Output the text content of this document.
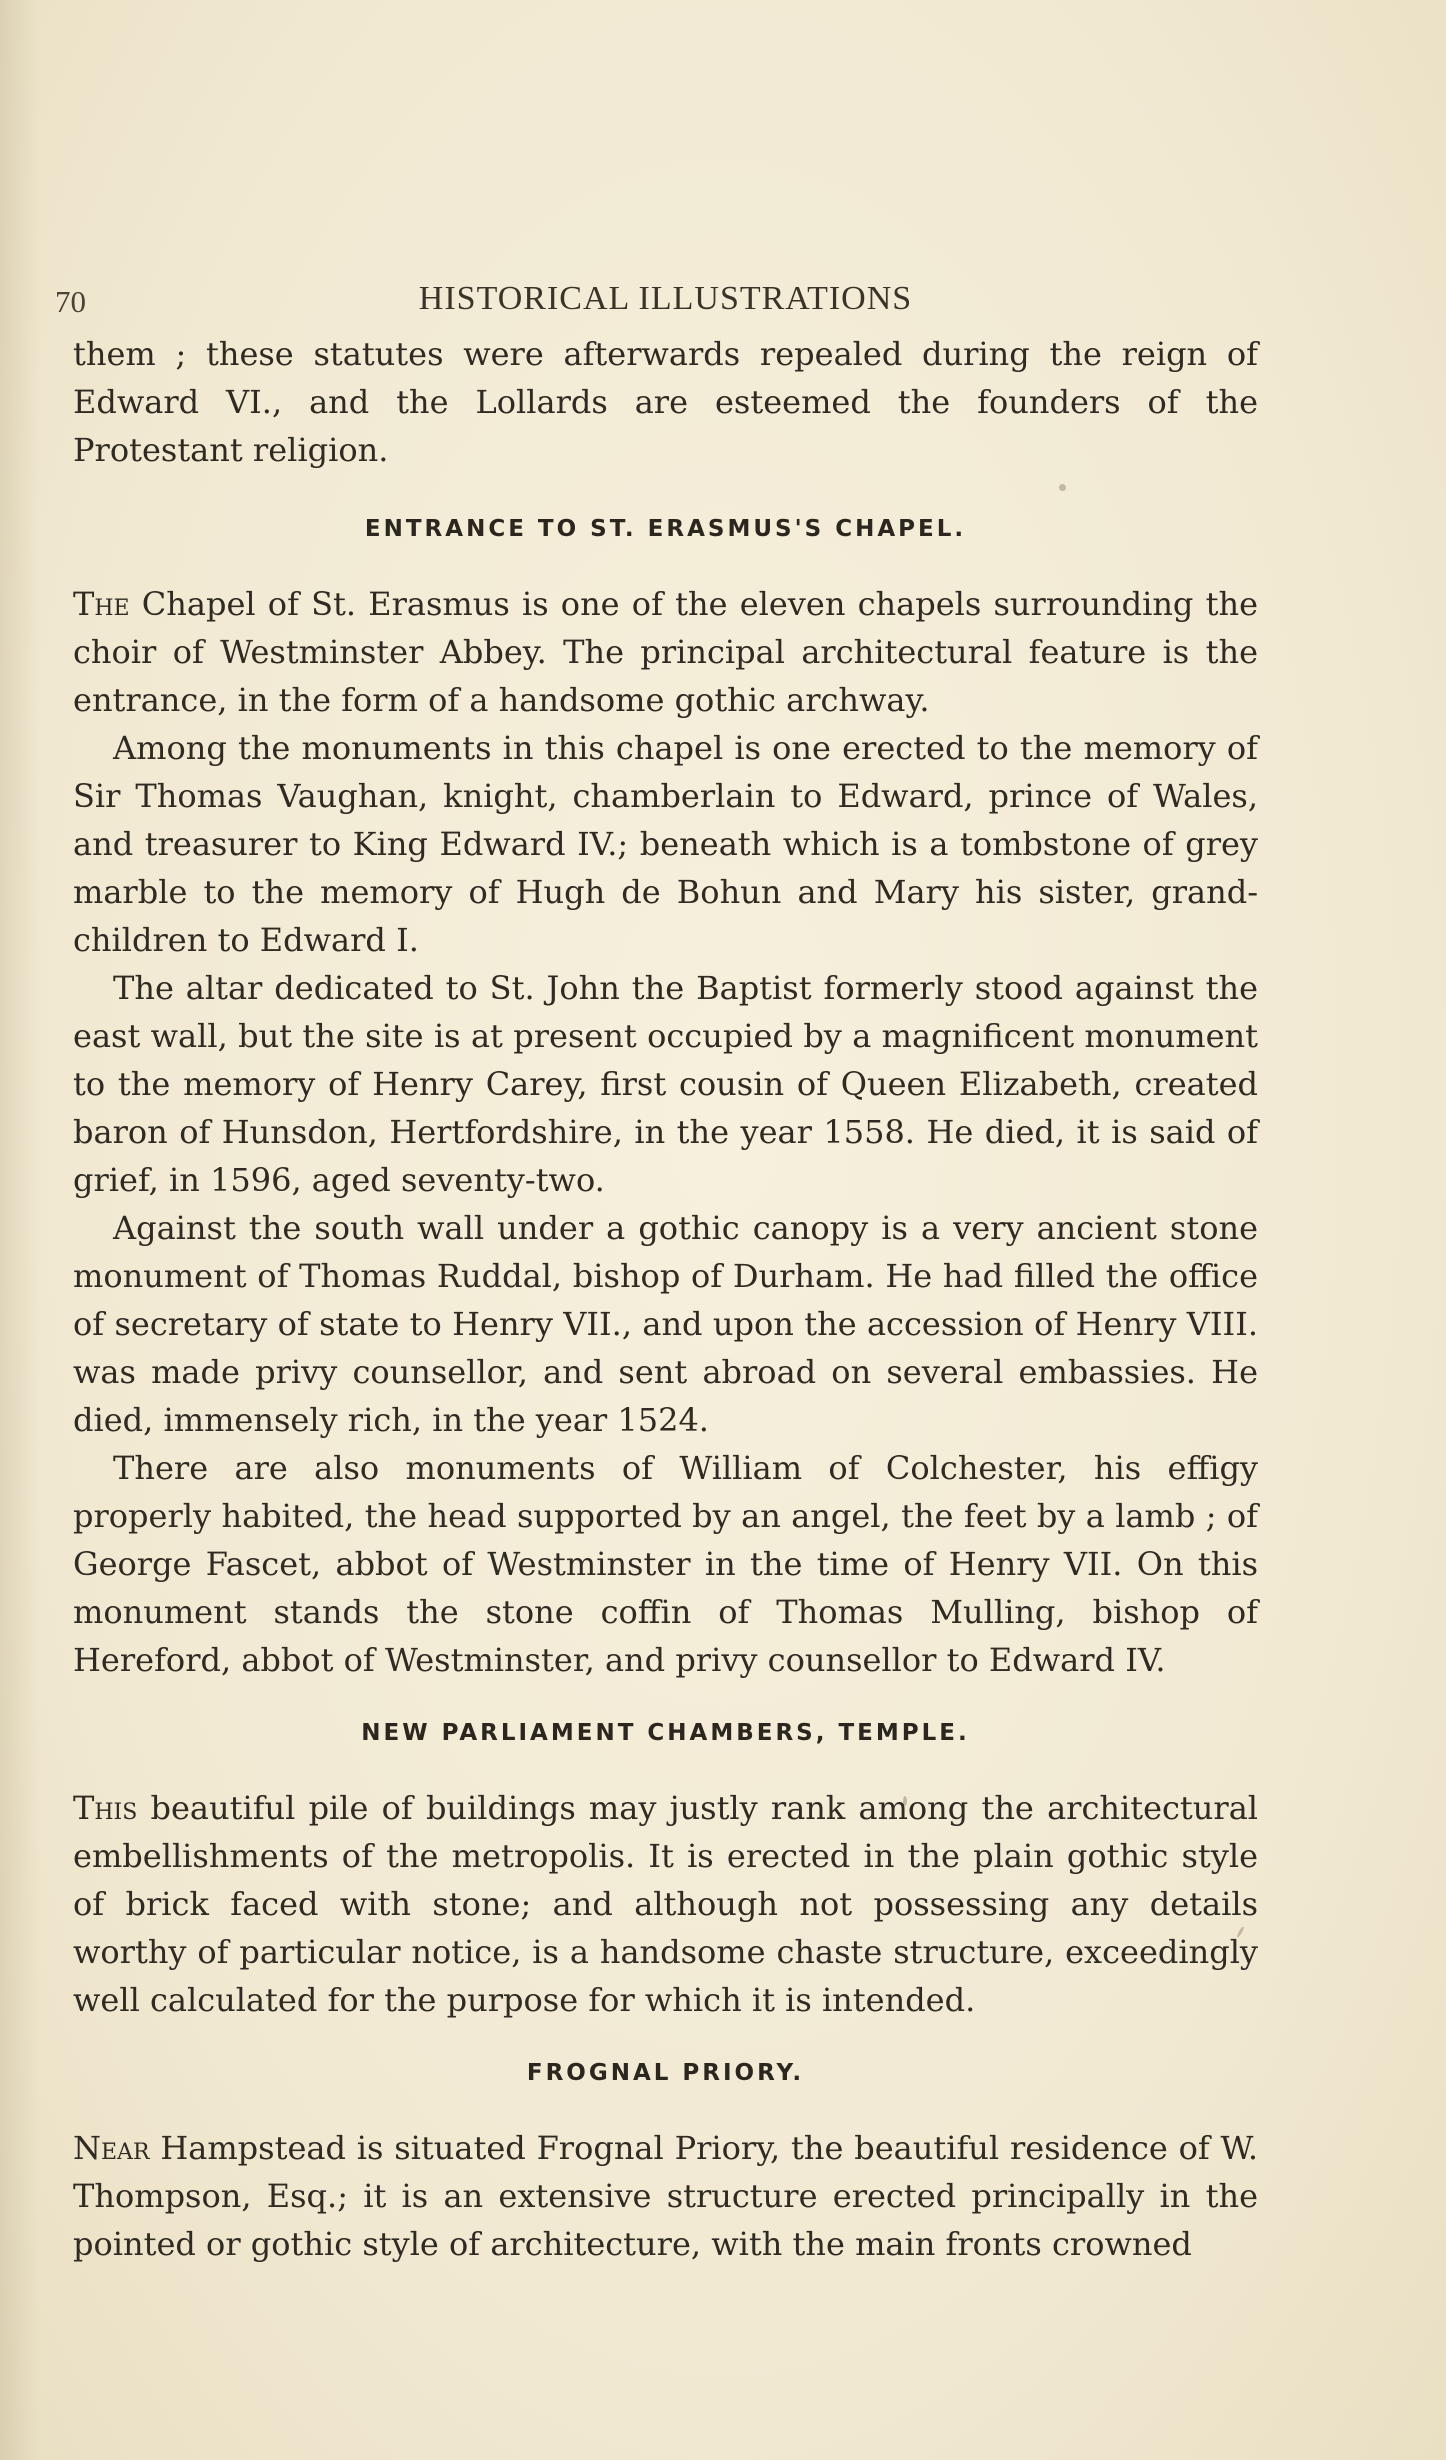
70	HISTORICAL ILLUSTRATIONS

them ; these statutes were afterwards repealed during the reign of Edward VI., and the Lollards are esteemed the founders of the Protestant religion.

ENTRANCE TO ST. ERASMUS'S CHAPEL.

The Chapel of St. Erasmus is one of the eleven chapels surrounding the choir of Westminster Abbey. The principal architectural feature is the entrance, in the form of a handsome gothic archway.

Among the monuments in this chapel is one erected to the memory of Sir Thomas Vaughan, knight, chamberlain to Edward, prince of Wales, and treasurer to King Edward IV.; beneath which is a tombstone of grey marble to the memory of Hugh de Bohun and Mary his sister, grand-children to Edward I.

The altar dedicated to St. John the Baptist formerly stood against the east wall, but the site is at present occupied by a magnificent monument to the memory of Henry Carey, first cousin of Queen Elizabeth, created baron of Hunsdon, Hertfordshire, in the year 1558. He died, it is said of grief, in 1596, aged seventy-two.

Against the south wall under a gothic canopy is a very ancient stone monument of Thomas Ruddal, bishop of Durham. He had filled the office of secretary of state to Henry VII., and upon the accession of Henry VIII. was made privy counsellor, and sent abroad on several embassies. He died, immensely rich, in the year 1524.

There are also monuments of William of Colchester, his effigy properly habited, the head supported by an angel, the feet by a lamb ; of George Fascet, abbot of Westminster in the time of Henry VII. On this monument stands the stone coffin of Thomas Mulling, bishop of Hereford, abbot of Westminster, and privy counsellor to Edward IV.

NEW PARLIAMENT CHAMBERS, TEMPLE.

This beautiful pile of buildings may justly rank among the architectural embellishments of the metropolis. It is erected in the plain gothic style of brick faced with stone; and although not possessing any details worthy of particular notice, is a handsome chaste structure, exceedingly well calculated for the purpose for which it is intended.

FROGNAL PRIORY.

Near Hampstead is situated Frognal Priory, the beautiful residence of W. Thompson, Esq.; it is an extensive structure erected principally in the pointed or gothic style of architecture, with the main fronts crowned
